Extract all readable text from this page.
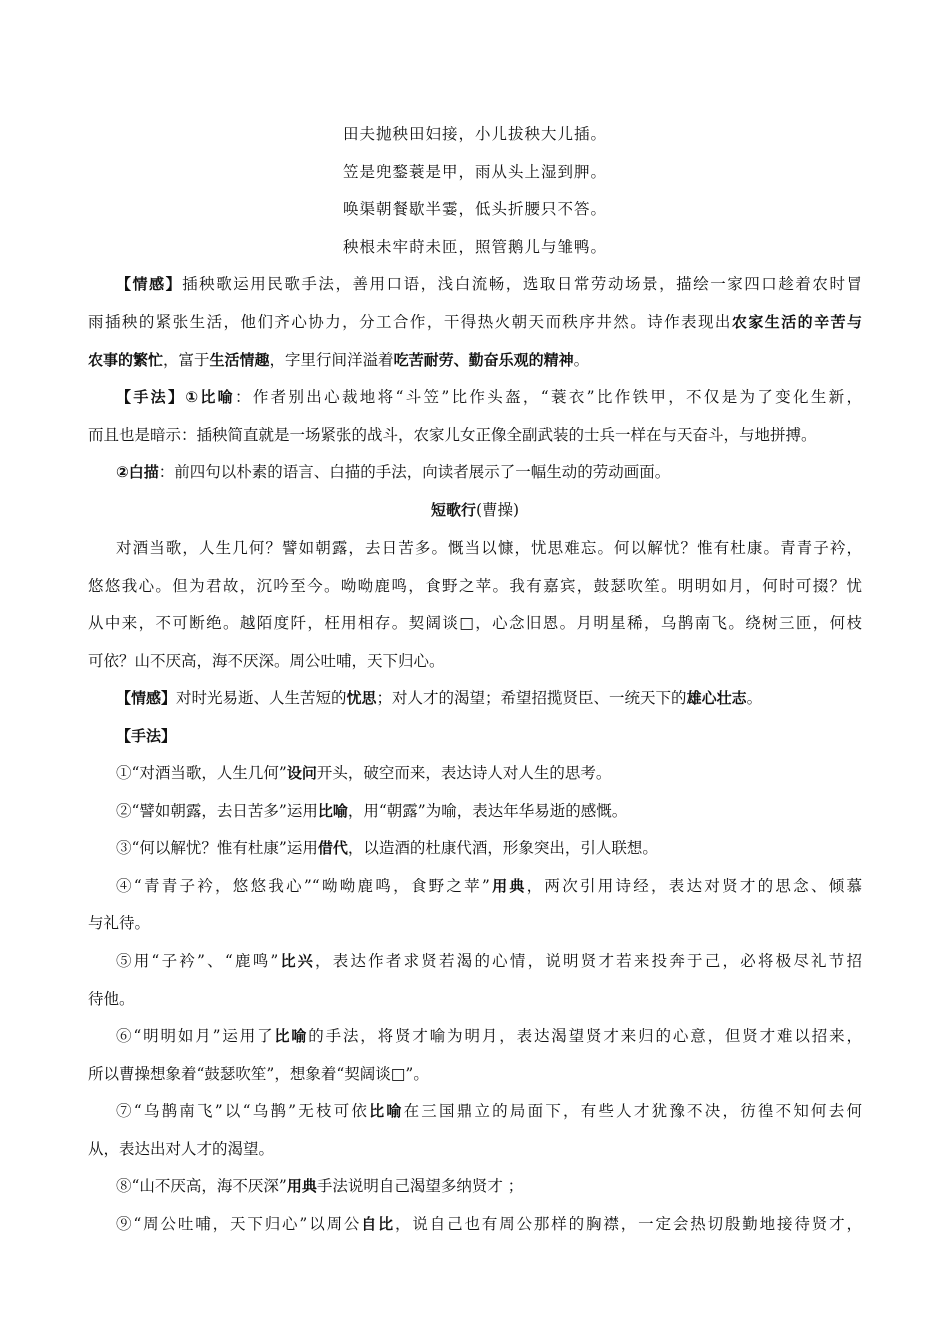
田夫抛秧田妇接，小儿拔秧大儿插。
笠是兜鍪蓑是甲，雨从头上湿到胛。
唤渠朝餐歇半霎，低头折腰只不答。
秧根未牢莳未匝，照管鹅儿与雏鸭。
【情感】插秧歌运用民歌手法，善用口语，浅白流畅，选取日常劳动场景，描绘一家四口趁着农时冒
雨插秧的紧张生活，他们齐心协力，分工合作，干得热火朝天而秩序井然。诗作表现出农家生活的辛苦与
农事的繁忙，富于生活情趣，字里行间洋溢着吃苦耐劳、勤奋乐观的精神。
【手法】①比喻：作者别出心裁地将“斗笠”比作头盔，“蓑衣”比作铁甲，不仅是为了变化生新，
而且也是暗示：插秧简直就是一场紧张的战斗，农家儿女正像全副武装的士兵一样在与天奋斗，与地拼搏。
②白描：前四句以朴素的语言、白描的手法，向读者展示了一幅生动的劳动画面。
短歌行(曹操)
对酒当歌，人生几何？譬如朝露，去日苦多。慨当以慷，忧思难忘。何以解忧？惟有杜康。青青子衿，
悠悠我心。但为君故，沉吟至今。呦呦鹿鸣，食野之苹。我有嘉宾，鼓瑟吹笙。明明如月，何时可掇？忧
从中来，不可断绝。越陌度阡，枉用相存。契阔谈□，心念旧恩。月明星稀，乌鹊南飞。绕树三匝，何枝
可依？山不厌高，海不厌深。周公吐哺，天下归心。
【情感】对时光易逝、人生苦短的忧思；对人才的渴望；希望招揽贤臣、一统天下的雄心壮志。
【手法】
①“对酒当歌，人生几何”设问开头，破空而来，表达诗人对人生的思考。
②“譬如朝露，去日苦多”运用比喻，用“朝露”为喻，表达年华易逝的感慨。
③“何以解忧？惟有杜康”运用借代，以造酒的杜康代酒，形象突出，引人联想。
④“青青子衿，悠悠我心”“呦呦鹿鸣，食野之苹”用典，两次引用诗经，表达对贤才的思念、倾慕
与礼待。
⑤用“子衿”、“鹿鸣”比兴，表达作者求贤若渴的心情，说明贤才若来投奔于己，必将极尽礼节招
待他。
⑥“明明如月”运用了比喻的手法，将贤才喻为明月，表达渴望贤才来归的心意，但贤才难以招来，
所以曹操想象着“鼓瑟吹笙”，想象着“契阔谈□”。
⑦“乌鹊南飞”以“乌鹊”无枝可依比喻在三国鼎立的局面下，有些人才犹豫不决，彷徨不知何去何
从，表达出对人才的渴望。
⑧“山不厌高，海不厌深”用典手法说明自己渴望多纳贤才 ；
⑨“周公吐哺，天下归心”以周公自比，说自己也有周公那样的胸襟，一定会热切殷勤地接待贤才，
